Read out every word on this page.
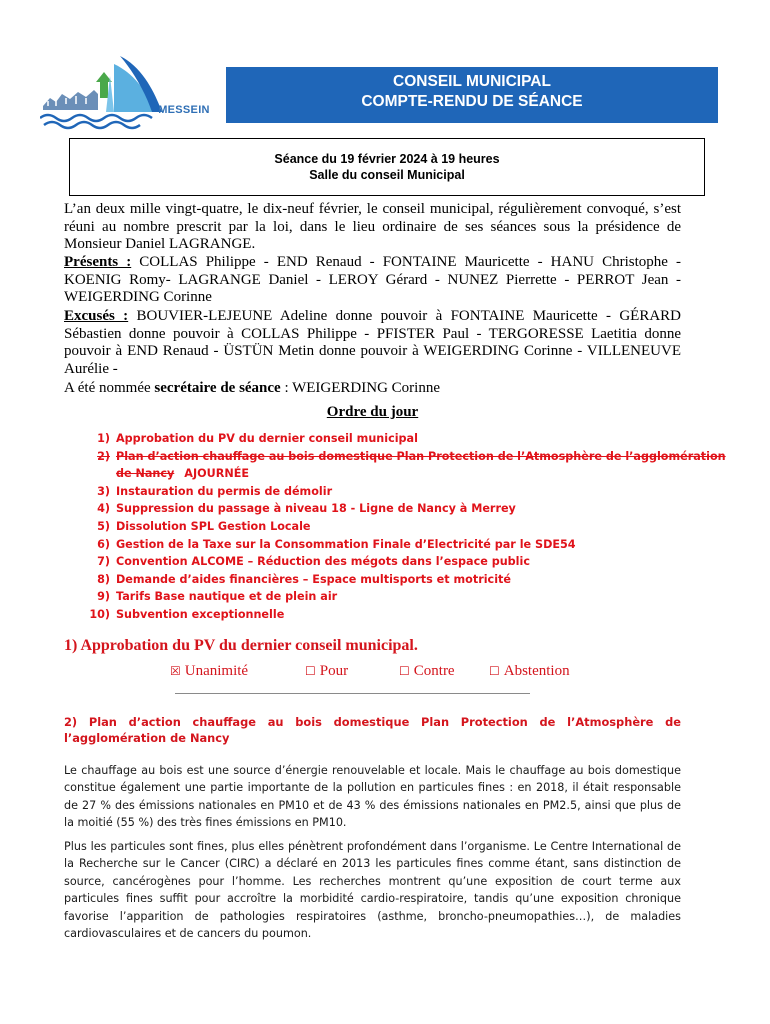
MESSEIN
CONSEIL MUNICIPAL
COMPTE-RENDU DE SÉANCE
Séance du 19 février 2024 à 19 heures
Salle du conseil Municipal
L’an deux mille vingt-quatre, le dix-neuf février, le conseil municipal, régulièrement convoqué, s’est réuni au nombre prescrit par la loi, dans le lieu ordinaire de ses séances sous la présidence de Monsieur Daniel LAGRANGE.
Présents : COLLAS Philippe - END Renaud - FONTAINE Mauricette - HANU Christophe - KOENIG Romy- LAGRANGE Daniel - LEROY Gérard - NUNEZ Pierrette - PERROT Jean - WEIGERDING Corinne
Excusés : BOUVIER-LEJEUNE Adeline donne pouvoir à FONTAINE Mauricette - GÉRARD Sébastien donne pouvoir à COLLAS Philippe - PFISTER Paul - TERGORESSE Laetitia donne pouvoir à END Renaud - ÜSTÜN Metin donne pouvoir à WEIGERDING Corinne - VILLENEUVE Aurélie -
A été nommée secrétaire de séance : WEIGERDING Corinne
Ordre du jour
1) Approbation du PV du dernier conseil municipal
2) Plan d’action chauffage au bois domestique Plan Protection de l’Atmosphère de l’agglomération
de Nancy AJOURNÉE
3) Instauration du permis de démolir
4) Suppression du passage à niveau 18 - Ligne de Nancy à Merrey
5) Dissolution SPL Gestion Locale
6) Gestion de la Taxe sur la Consommation Finale d’Electricité par le SDE54
7) Convention ALCOME – Réduction des mégots dans l’espace public
8) Demande d’aides financières – Espace multisports et motricité
9) Tarifs Base nautique et de plein air
10) Subvention exceptionnelle
1) Approbation du PV du dernier conseil municipal.
☒ Unanimité	☐ Pour	☐ Contre	☐ Abstention
2) Plan d’action chauffage au bois domestique Plan Protection de l’Atmosphère de l’agglomération de Nancy
Le chauffage au bois est une source d’énergie renouvelable et locale. Mais le chauffage au bois domestique constitue également une partie importante de la pollution en particules fines : en 2018, il était responsable de 27 % des émissions nationales en PM10 et de 43 % des émissions nationales en PM2.5, ainsi que plus de la moitié (55 %) des très fines émissions en PM10.
Plus les particules sont fines, plus elles pénètrent profondément dans l’organisme. Le Centre International de la Recherche sur le Cancer (CIRC) a déclaré en 2013 les particules fines comme étant, sans distinction de source, cancérogènes pour l’homme. Les recherches montrent qu’une exposition de court terme aux particules fines suffit pour accroître la morbidité cardio-respiratoire, tandis qu’une exposition chronique favorise l’apparition de pathologies respiratoires (asthme, broncho-pneumopathies…), de maladies cardiovasculaires et de cancers du poumon.
